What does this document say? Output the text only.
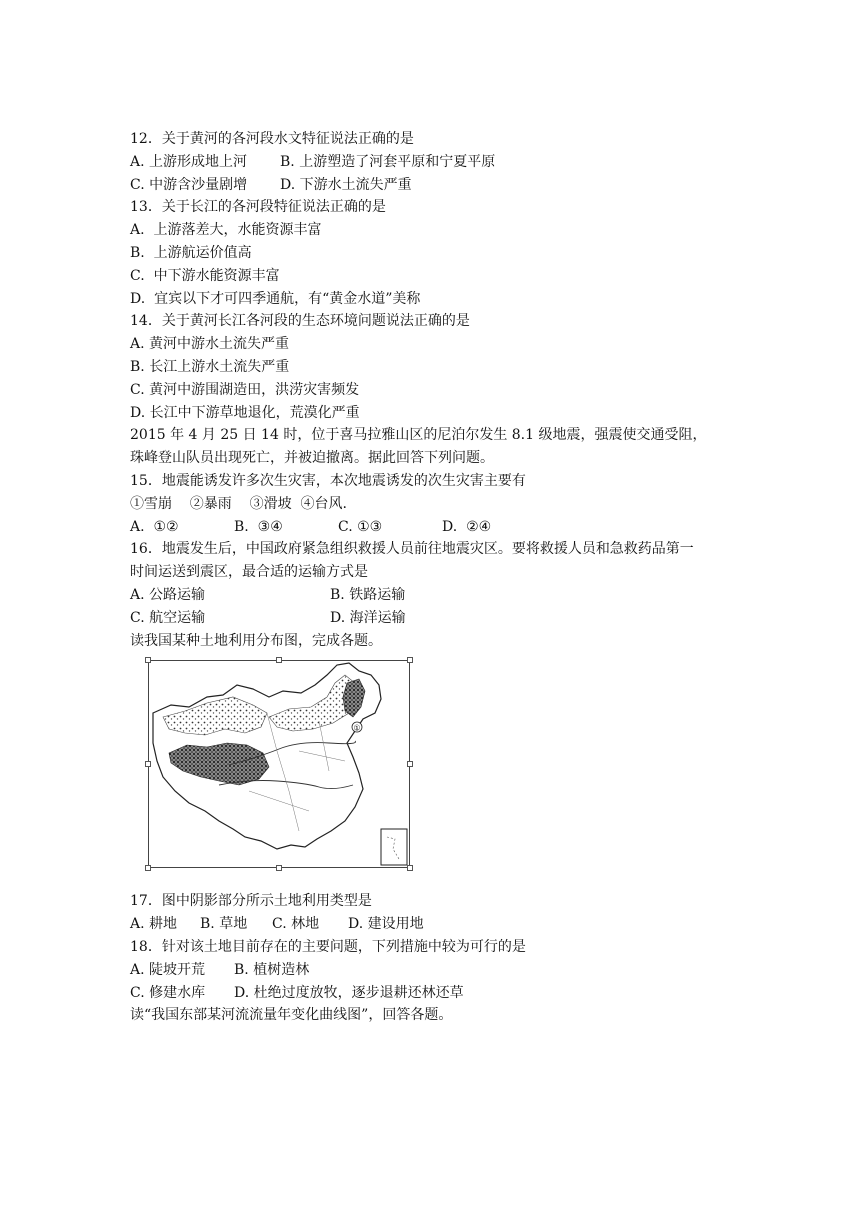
12．关于黄河的各河段水文特征说法正确的是
A. 上游形成地上河	B. 上游塑造了河套平原和宁夏平原
C. 中游含沙量剧增	D. 下游水土流失严重
13．关于长江的各河段特征说法正确的是
A.  上游落差大，水能资源丰富
B.  上游航运价值高
C.  中下游水能资源丰富
D.  宜宾以下才可四季通航，有“黄金水道”美称
14．关于黄河长江各河段的生态环境问题说法正确的是
A. 黄河中游水土流失严重
B. 长江上游水土流失严重
C. 黄河中游围湖造田，洪涝灾害频发
D. 长江中下游草地退化，荒漠化严重
2015 年 4 月 25 日 14 时，位于喜马拉雅山区的尼泊尔发生 8.1 级地震，强震使交通受阻，
珠峰登山队员出现死亡，并被迫撤离。据此回答下列问题。
15．地震能诱发许多次生灾害，本次地震诱发的次生灾害主要有
①雪崩    ②暴雨    ③滑坡  ④台风.
A.  ①②	B.  ③④	C. ①③	D.  ②④
16．地震发生后，中国政府紧急组织救援人员前往地震灾区。要将救援人员和急救药品第一
时间运送到震区，最合适的运输方式是
A. 公路运输	B. 铁路运输
C. 航空运输	D. 海洋运输
读我国某种土地利用分布图，完成各题。
①
17．图中阴影部分所示土地利用类型是
A. 耕地	B. 草地	C. 林地	D. 建设用地
18．针对该土地目前存在的主要问题，下列措施中较为可行的是
A. 陡坡开荒	B. 植树造林
C. 修建水库	D. 杜绝过度放牧，逐步退耕还林还草
读“我国东部某河流流量年变化曲线图”，回答各题。
